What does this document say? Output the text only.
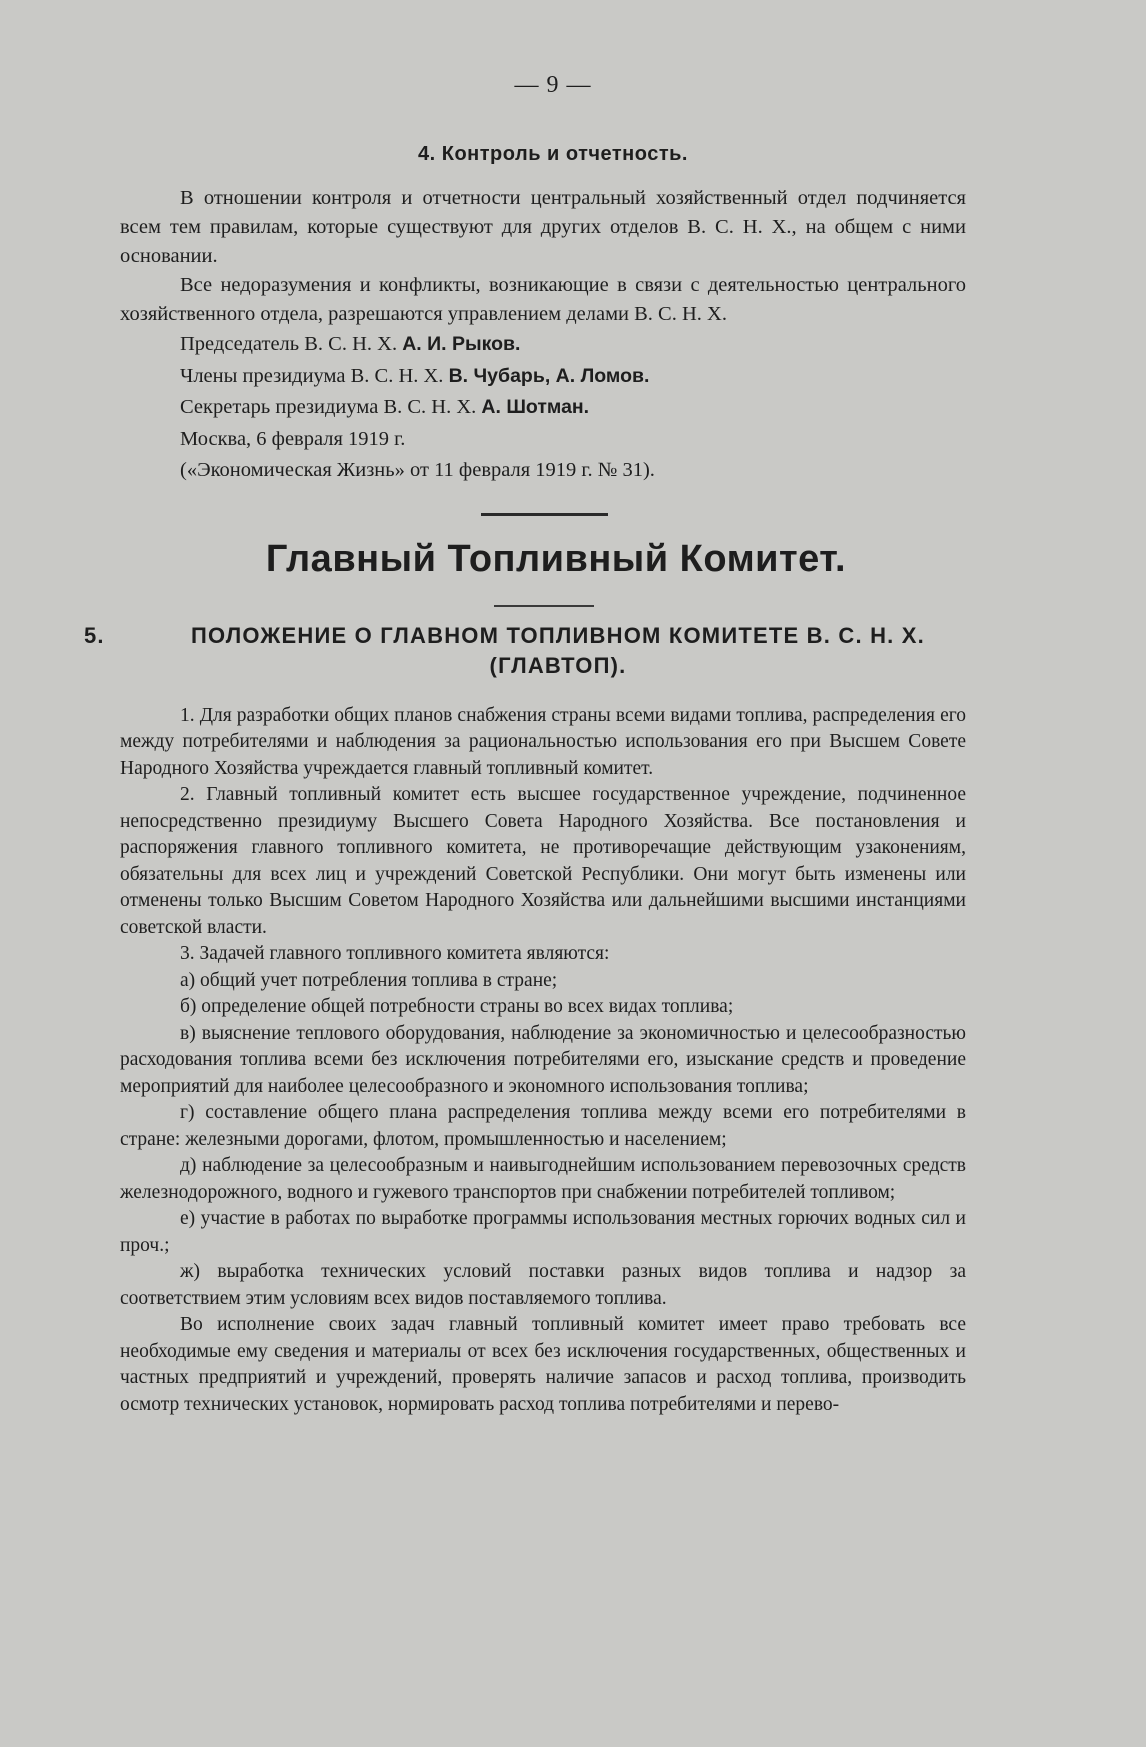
— 9 —
4. Контроль и отчетность.

В отношении контроля и отчетности центральный хозяйственный отдел подчиняется всем тем правилам, которые существуют для других отделов В. С. Н. Х., на общем с ними основании.

Все недоразумения и конфликты, возникающие в связи с деятельностью центрального хозяйственного отдела, разрешаются управлением делами В. С. Н. Х.

Председатель В. С. Н. Х. А. И. Рыков.

Члены президиума В. С. Н. Х. В. Чубарь, А. Ломов.

Секретарь президиума В. С. Н. Х. А. Шотман.

Москва, 6 февраля 1919 г.

(«Экономическая Жизнь» от 11 февраля 1919 г. № 31).

Главный Топливный Комитет.
5.	ПОЛОЖЕНИЕ О ГЛАВНОМ ТОПЛИВНОМ КОМИТЕТЕ В. С. Н. Х.
(ГЛАВТОП).

1. Для разработки общих планов снабжения страны всеми видами топлива, распределения его между потребителями и наблюдения за рациональностью использования его при Высшем Совете Народного Хозяйства учреждается главный топливный комитет.

2. Главный топливный комитет есть высшее государственное учреждение, подчиненное непосредственно президиуму Высшего Совета Народного Хозяйства. Все постановления и распоряжения главного топливного комитета, не противоречащие действующим узаконениям, обязательны для всех лиц и учреждений Советской Республики. Они могут быть изменены или отменены только Высшим Советом Народного Хозяйства или дальнейшими высшими инстанциями советской власти.

3. Задачей главного топливного комитета являются:

а) общий учет потребления топлива в стране;

б) определение общей потребности страны во всех видах топлива;

в) выяснение теплового оборудования, наблюдение за экономичностью и целесообразностью расходования топлива всеми без исключения потребителями его, изыскание средств и проведение мероприятий для наиболее целесообразного и экономного использования топлива;

г) составление общего плана распределения топлива между всеми его потребителями в стране: железными дорогами, флотом, промышленностью и населением;

д) наблюдение за целесообразным и наивыгоднейшим использованием перевозочных средств железнодорожного, водного и гужевого транспортов при снабжении потребителей топливом;

е) участие в работах по выработке программы использования местных горючих водных сил и проч.;

ж) выработка технических условий поставки разных видов топлива и надзор за соответствием этим условиям всех видов поставляемого топлива.

Во исполнение своих задач главный топливный комитет имеет право требовать все необходимые ему сведения и материалы от всех без исключения государственных, общественных и частных предприятий и учреждений, проверять наличие запасов и расход топлива, производить осмотр технических установок, нормировать расход топлива потребителями и перево-
